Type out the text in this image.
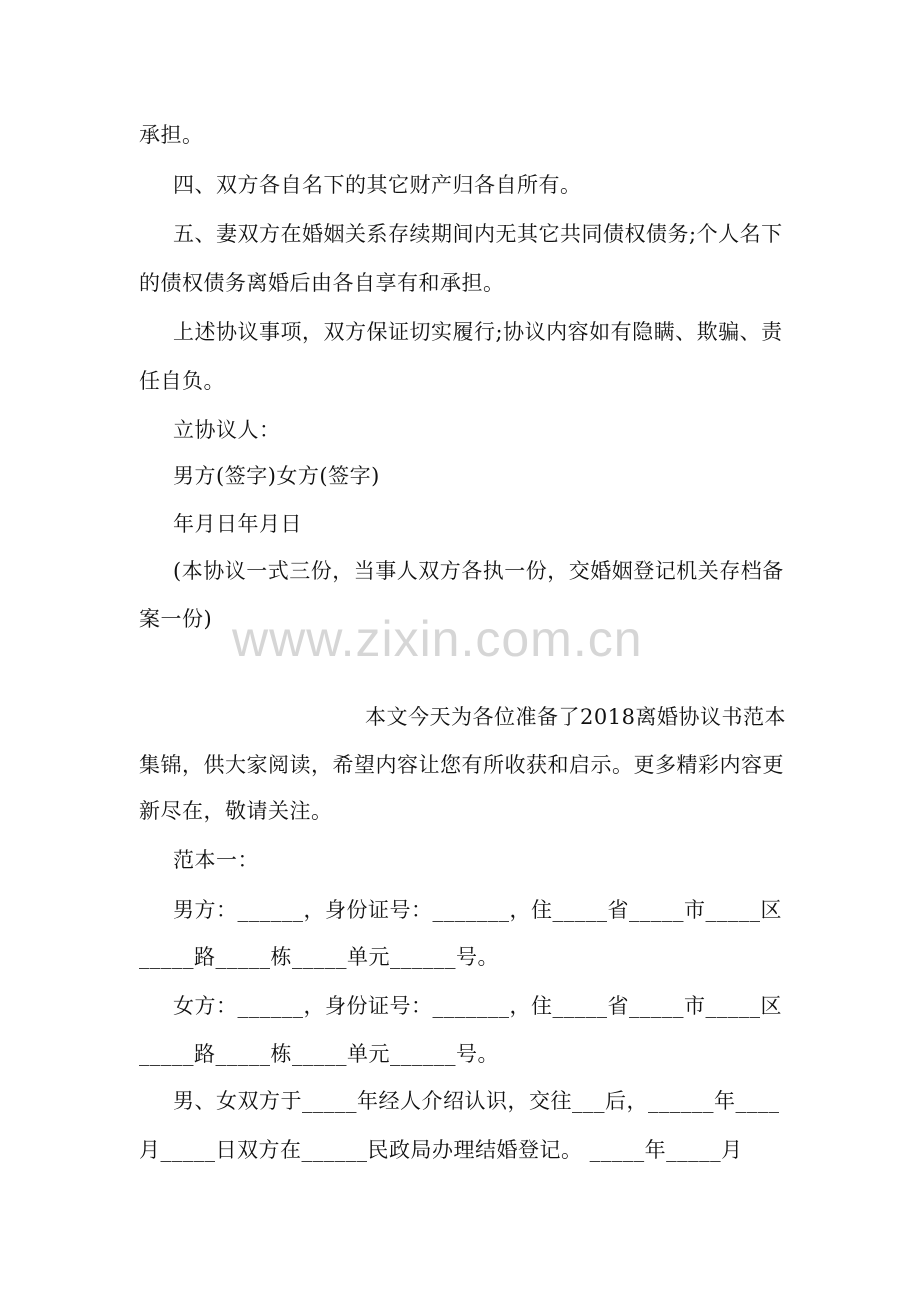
www.zixin.com.cn
承担。
四、双方各自名下的其它财产归各自所有。
五、妻双方在婚姻关系存续期间内无其它共同债权债务;个人名下
的债权债务离婚后由各自享有和承担。
上述协议事项，双方保证切实履行;协议内容如有隐瞒、欺骗、责
任自负。
立协议人：
男方(签字)女方(签字)
年月日年月日
(本协议一式三份，当事人双方各执一份，交婚姻登记机关存档备
案一份)
本文今天为各位准备了2018离婚协议书范本
集锦，供大家阅读，希望内容让您有所收获和启示。更多精彩内容更
新尽在，敬请关注。
范本一：
男方：______，身份证号：_______，住_____省_____市_____区
_____路_____栋_____单元______号。
女方：______，身份证号：_______，住_____省_____市_____区
_____路_____栋_____单元______号。
男、女双方于_____年经人介绍认识，交往___后，______年____
月_____日双方在______民政局办理结婚登记。 _____年_____月
